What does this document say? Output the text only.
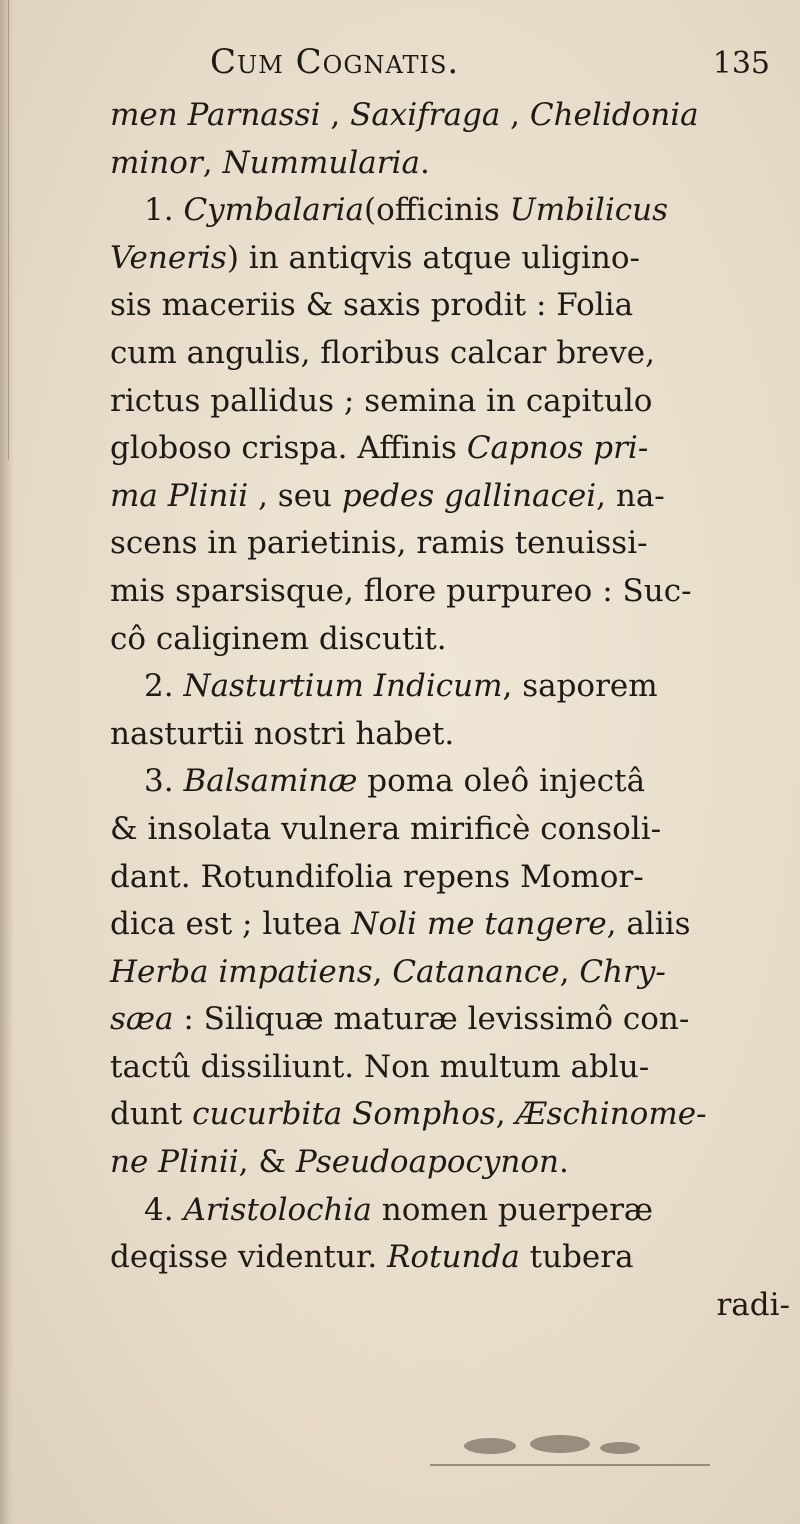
Cum Cognatis.	135
men Parnassi , Saxifraga , Chelidonia
minor, Nummularia.
1. Cymbalaria(officinis Umbilicus
Veneris) in antiqvis atque uligino-
sis maceriis & saxis prodit : Folia
cum angulis, floribus calcar breve,
rictus pallidus ; semina in capitulo
globoso crispa. Affinis Capnos pri-
ma Plinii , seu pedes gallinacei, na-
scens in parietinis, ramis tenuissi-
mis sparsisque, flore purpureo : Suc-
cô caliginem discutit.
2. Nasturtium Indicum, saporem
nasturtii nostri habet.
3. Balsaminæ poma oleô injectâ
& insolata vulnera mirificè consoli-
dant. Rotundifolia repens Momor-
dica est ; lutea Noli me tangere, aliis
Herba impatiens, Catanance, Chry-
sæa : Siliquæ maturæ levissimô con-
tactû dissiliunt. Non multum ablu-
dunt cucurbita Somphos, Æschinome-
ne Plinii, & Pseudoapocynon.
4. Aristolochia nomen puerperæ
deqisse videntur. Rotunda tubera
radi-
